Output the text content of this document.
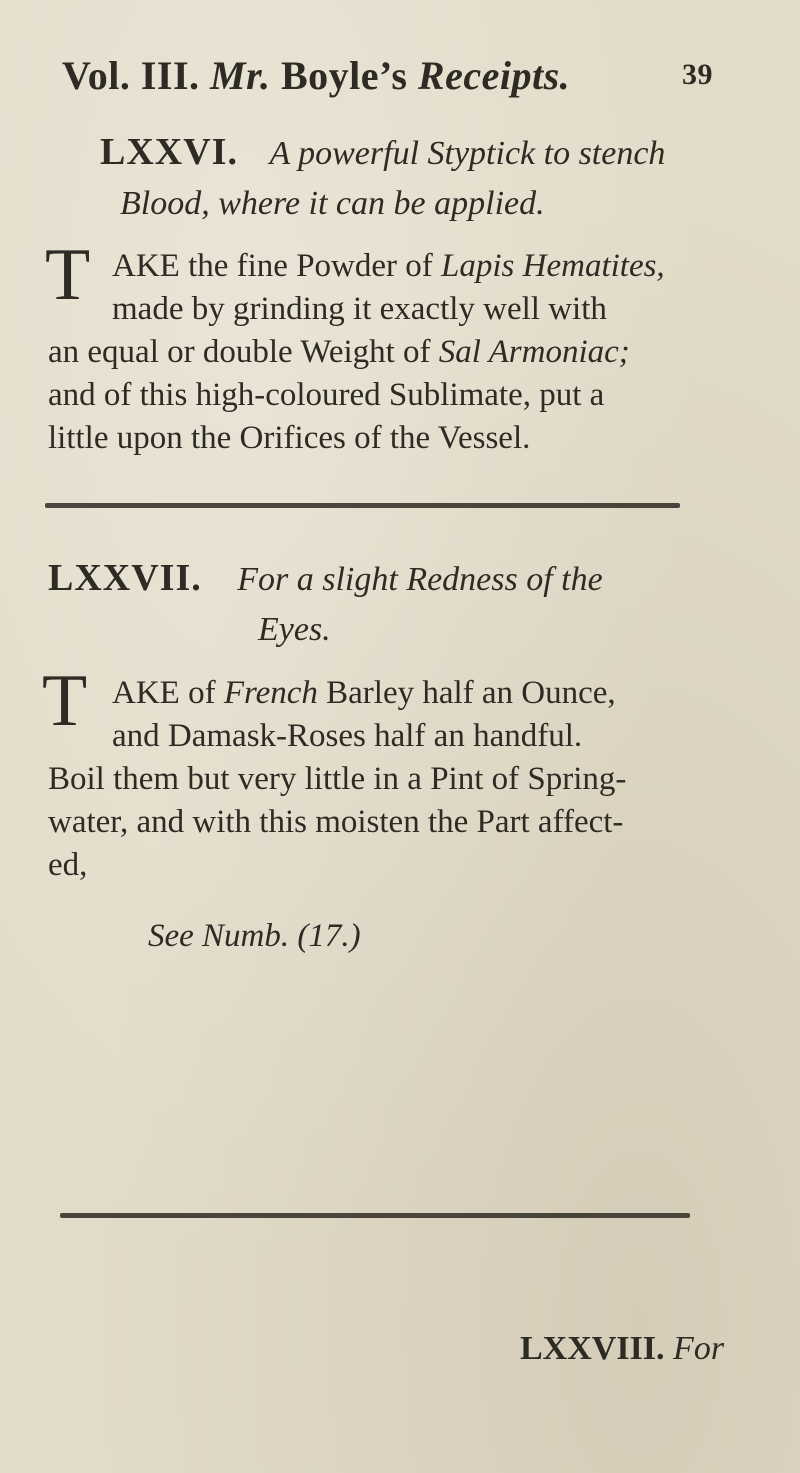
Vol. III. Mr. Boyle’s Receipts.	39
LXXVI. A powerful Styptick to stench
Blood, where it can be applied.
T AKE the fine Powder of Lapis Hematites,
made by grinding it exactly well with
an equal or double Weight of Sal Armoniac;
and of this high-coloured Sublimate, put a
little upon the Orifices of the Vessel.
LXXVII. For a slight Redness of the
Eyes.
T AKE of French Barley half an Ounce,
and Damask-Roses half an handful.
Boil them but very little in a Pint of Spring-
water, and with this moisten the Part affect-
ed,
See Numb. (17.)
LXXVIII. For
